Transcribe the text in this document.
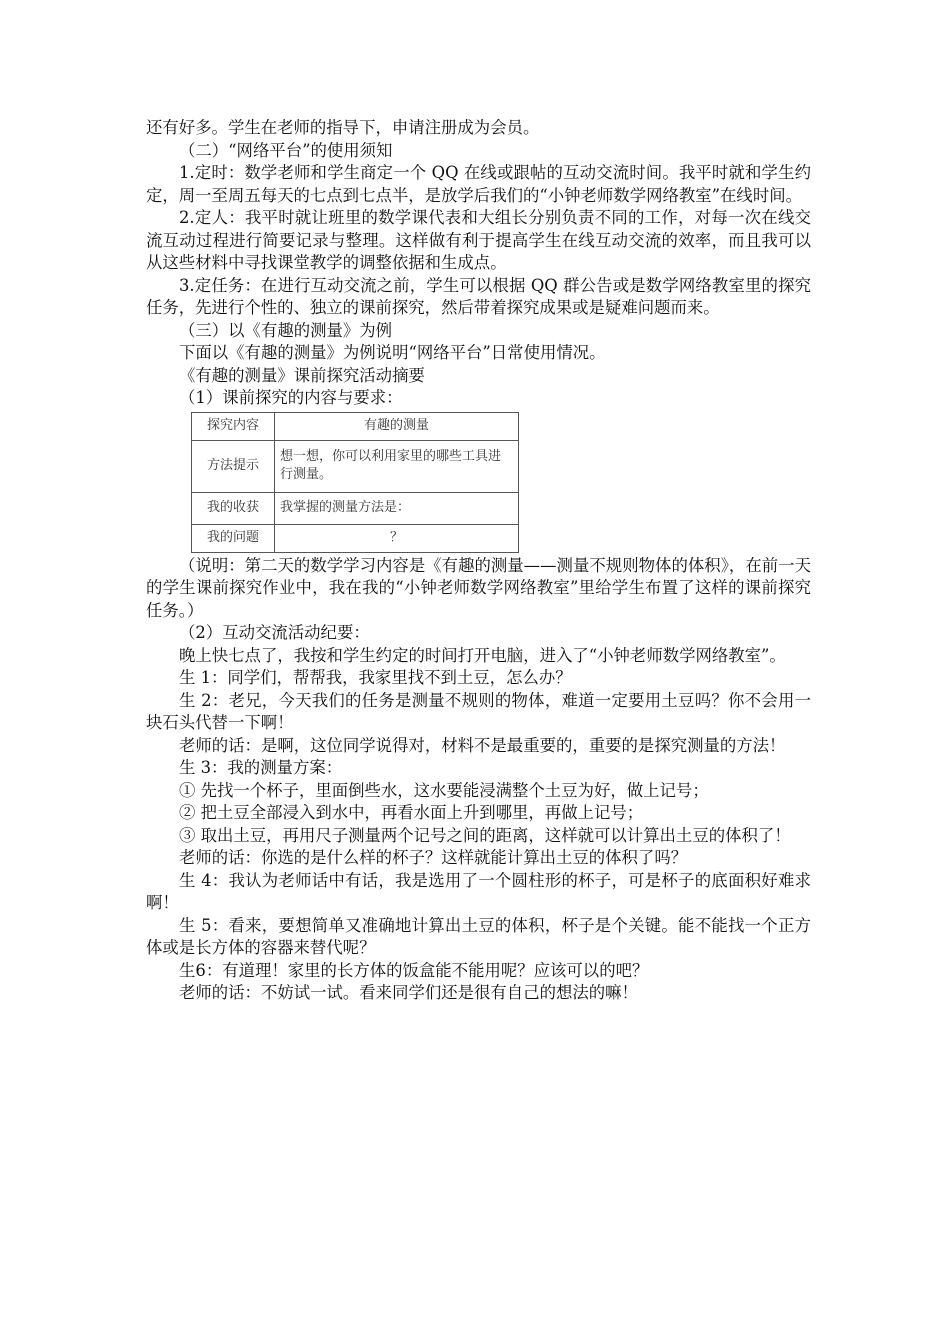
还有好多。学生在老师的指导下，申请注册成为会员。

（二）“网络平台”的使用须知

1.定时：数学老师和学生商定一个 QQ 在线或跟帖的互动交流时间。我平时就和学生约定，周一至周五每天的七点到七点半，是放学后我们的“小钟老师数学网络教室”在线时间。

2.定人：我平时就让班里的数学课代表和大组长分别负责不同的工作，对每一次在线交流互动过程进行简要记录与整理。这样做有利于提高学生在线互动交流的效率，而且我可以从这些材料中寻找课堂教学的调整依据和生成点。

3.定任务：在进行互动交流之前，学生可以根据 QQ 群公告或是数学网络教室里的探究任务，先进行个性的、独立的课前探究，然后带着探究成果或是疑难问题而来。

（三）以《有趣的测量》为例

下面以《有趣的测量》为例说明“网络平台”日常使用情况。

《有趣的测量》课前探究活动摘要

（1）课前探究的内容与要求：

探究内容	有趣的测量
方法提示	想一想，你可以利用家里的哪些工具进行测量。
我的收获	我掌握的测量方法是：
我的问题	？

（说明：第二天的数学学习内容是《有趣的测量——测量不规则物体的体积》，在前一天的学生课前探究作业中，我在我的“小钟老师数学网络教室”里给学生布置了这样的课前探究任务。）

（2）互动交流活动纪要：

晚上快七点了，我按和学生约定的时间打开电脑，进入了“小钟老师数学网络教室”。

生 1：同学们，帮帮我，我家里找不到土豆，怎么办？

生 2：老兄，今天我们的任务是测量不规则的物体，难道一定要用土豆吗？你不会用一块石头代替一下啊！

老师的话：是啊，这位同学说得对，材料不是最重要的，重要的是探究测量的方法！

生 3：我的测量方案：

① 先找一个杯子，里面倒些水，这水要能浸满整个土豆为好，做上记号；

② 把土豆全部浸入到水中，再看水面上升到哪里，再做上记号；

③ 取出土豆，再用尺子测量两个记号之间的距离，这样就可以计算出土豆的体积了！

老师的话：你选的是什么样的杯子？这样就能计算出土豆的体积了吗？

生 4：我认为老师话中有话，我是选用了一个圆柱形的杯子，可是杯子的底面积好难求啊！

生 5：看来，要想简单又准确地计算出土豆的体积，杯子是个关键。能不能找一个正方体或是长方体的容器来替代呢？

生6：有道理！家里的长方体的饭盒能不能用呢？应该可以的吧？

老师的话：不妨试一试。看来同学们还是很有自己的想法的嘛！
